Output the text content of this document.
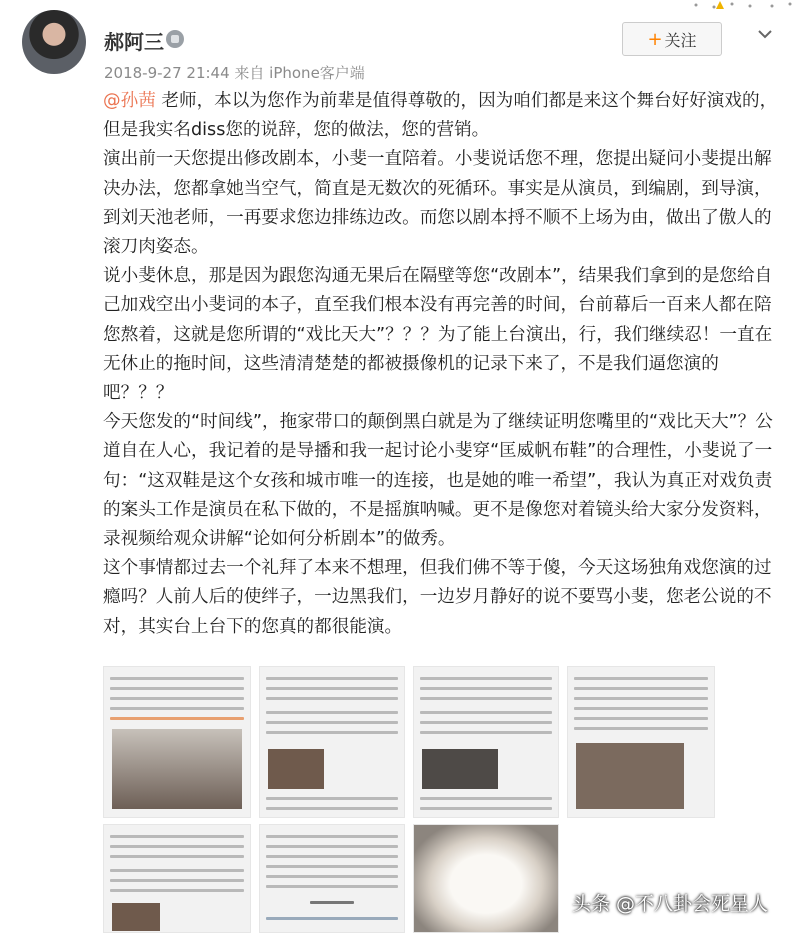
郝阿三
2018-9-27 21:44 来自 iPhone客户端
+ 关注

@孙茜 老师，本以为您作为前辈是值得尊敬的，因为咱们都是来这个舞台好好演戏的，但是我实名diss您的说辞，您的做法，您的营销。

演出前一天您提出修改剧本，小斐一直陪着。小斐说话您不理，您提出疑问小斐提出解决办法，您都拿她当空气，简直是无数次的死循环。事实是从演员，到编剧，到导演，到刘天池老师，一再要求您边排练边改。而您以剧本捋不顺不上场为由，做出了傲人的滚刀肉姿态。

说小斐休息，那是因为跟您沟通无果后在隔壁等您“改剧本”，结果我们拿到的是您给自己加戏空出小斐词的本子，直至我们根本没有再完善的时间，台前幕后一百来人都在陪您熬着，这就是您所谓的“戏比天大”？？？为了能上台演出，行，我们继续忍！一直在无休止的拖时间，这些清清楚楚的都被摄像机的记录下来了，不是我们逼您演的吧？？？

今天您发的“时间线”，拖家带口的颠倒黑白就是为了继续证明您嘴里的“戏比天大”？公道自在人心，我记着的是导播和我一起讨论小斐穿“匡威帆布鞋”的合理性，小斐说了一句：“这双鞋是这个女孩和城市唯一的连接，也是她的唯一希望”，我认为真正对戏负责的案头工作是演员在私下做的，不是摇旗呐喊。更不是像您对着镜头给大家分发资料，录视频给观众讲解“论如何分析剧本”的做秀。

这个事情都过去一个礼拜了本来不想理，但我们佛不等于傻，今天这场独角戏您演的过瘾吗？人前人后的使绊子，一边黑我们，一边岁月静好的说不要骂小斐，您老公说的不对，其实台上台下的您真的都很能演。

头条 @不八卦会死星人
